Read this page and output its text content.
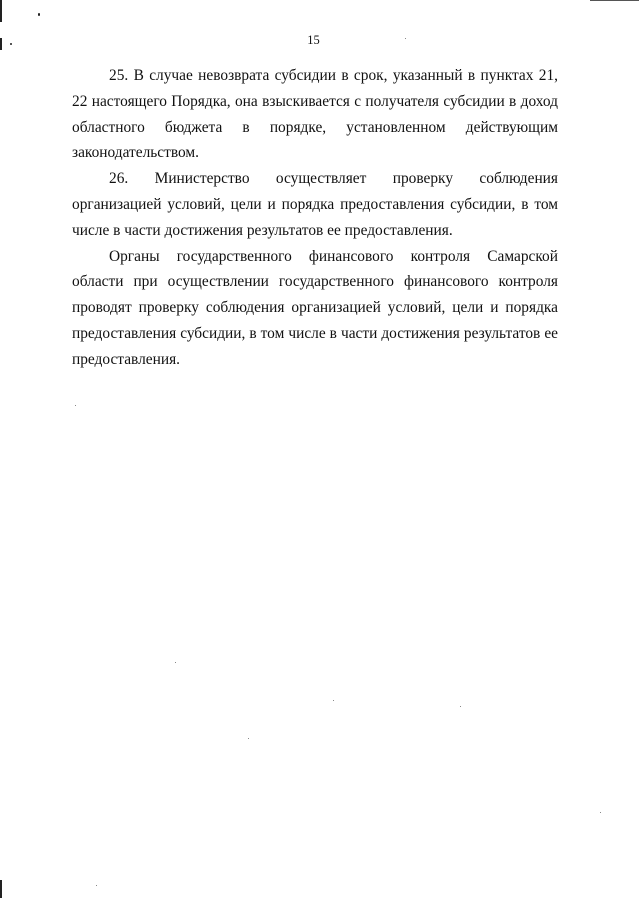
15

25. В случае невозврата субсидии в срок, указанный в пунктах 21, 22 настоящего Порядка, она взыскивается с получателя субсидии в доход областного бюджета в порядке, установленном действующим законодательством.

26. Министерство осуществляет проверку соблюдения организацией условий, цели и порядка предоставления субсидии, в том числе в части достижения результатов ее предоставления.

Органы государственного финансового контроля Самарской области при осуществлении государственного финансового контроля проводят проверку соблюдения организацией условий, цели и порядка предоставления субсидии, в том числе в части достижения результатов ее предоставления.
